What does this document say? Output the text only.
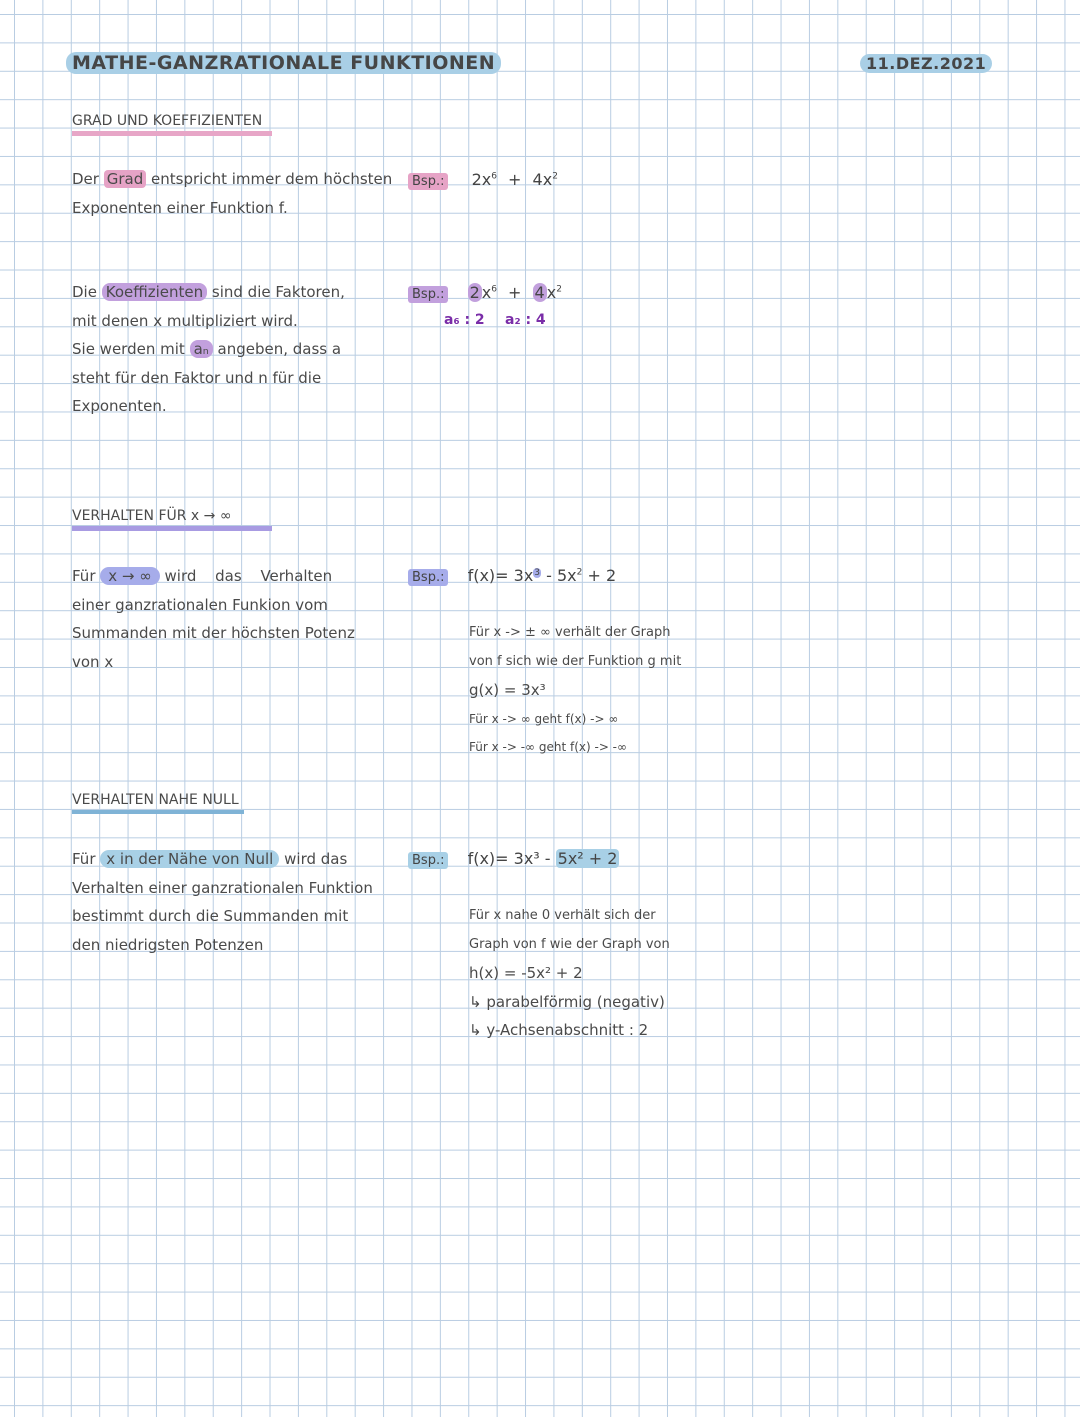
MATHE-GANZRATIONALE FUNKTIONEN	11.DEZ.2021
GRAD UND KOEFFIZIENTEN
Der Grad entspricht immer dem höchsten
Exponenten einer Funktion f.
Bsp.: $2x^6 + 4x^2$
Die Koeffizienten sind die Faktoren,
mit denen x multipliziert wird.
Sie werden mit aₙ angeben, dass a
steht für den Faktor und n für die
Exponenten.
Bsp.: 2 $x^6 + 4$ $x^2$
a₆ : 2 a₂ : 4
VERHALTEN FÜR x → ∞
Für x → ∞ wird das Verhalten
einer ganzrationalen Funkion vom
Summanden mit der höchsten Potenz
von x
Bsp.: $f(x)= 3x^3 - 5x^2 + 2$
Für x -> ± ∞ verhält der Graph
von f sich wie der Funktion g mit
g(x) = 3x³
Für x -> ∞ geht f(x) -> ∞
Für x -> -∞ geht f(x) -> -∞
VERHALTEN NAHE NULL
Für x in der Nähe von Null wird das
Verhalten einer ganzrationalen Funktion
bestimmt durch die Summanden mit
den niedrigsten Potenzen
Bsp.: f(x)= 3x³ - 5x² + 2
Für x nahe 0 verhält sich der
Graph von f wie der Graph von
h(x) = -5x² + 2
↳ parabelförmig (negativ)
↳ y-Achsenabschnitt : 2
